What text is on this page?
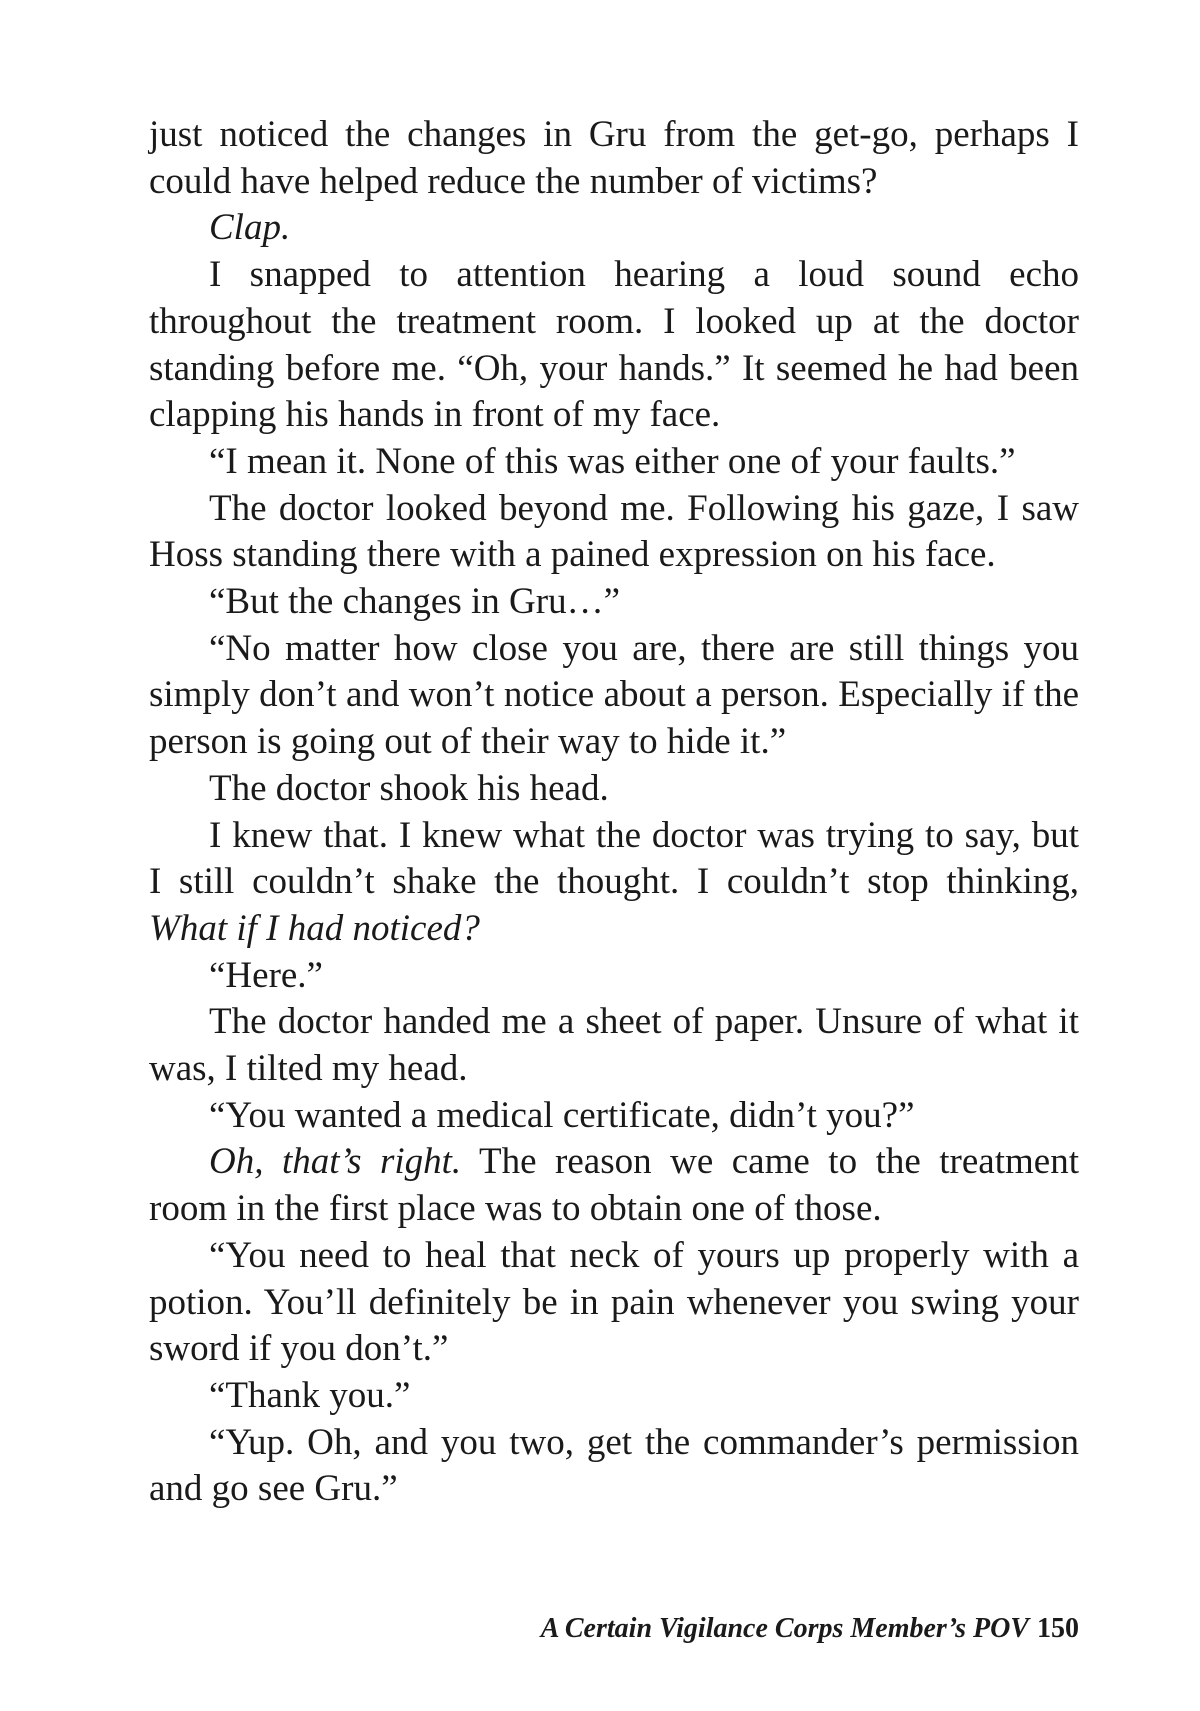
just noticed the changes in Gru from the get-go, perhaps I could have helped reduce the number of victims?

Clap.

I snapped to attention hearing a loud sound echo throughout the treatment room. I looked up at the doctor standing before me. “Oh, your hands.” It seemed he had been clapping his hands in front of my face.

“I mean it. None of this was either one of your faults.”

The doctor looked beyond me. Following his gaze, I saw Hoss standing there with a pained expression on his face.

“But the changes in Gru…”

“No matter how close you are, there are still things you simply don’t and won’t notice about a person. Especially if the person is going out of their way to hide it.”

The doctor shook his head.

I knew that. I knew what the doctor was trying to say, but I still couldn’t shake the thought. I couldn’t stop thinking, What if I had noticed?

“Here.”

The doctor handed me a sheet of paper. Unsure of what it was, I tilted my head.

“You wanted a medical certificate, didn’t you?”

Oh, that’s right. The reason we came to the treatment room in the first place was to obtain one of those.

“You need to heal that neck of yours up properly with a potion. You’ll definitely be in pain whenever you swing your sword if you don’t.”

“Thank you.”

“Yup. Oh, and you two, get the commander’s permission and go see Gru.”

A Certain Vigilance Corps Member’s POV 150
